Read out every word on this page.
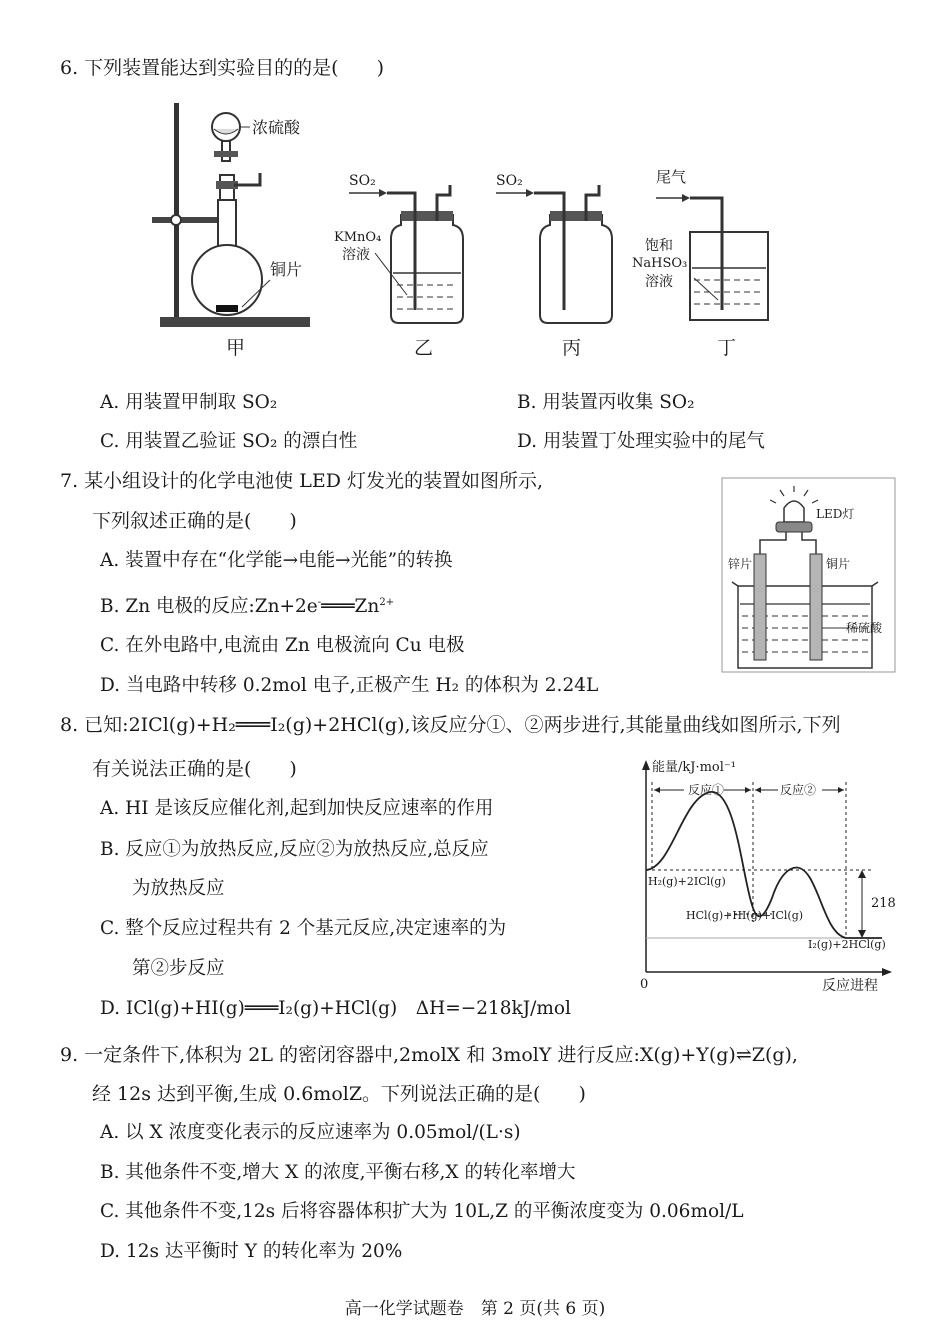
6. 下列装置能达到实验目的的是(　　)
浓硫酸
铜片
甲
SO₂
KMnO₄
溶液
乙
SO₂
丙
尾气
饱和
NaHSO₃
溶液
丁
A. 用装置甲制取 SO₂	B. 用装置丙收集 SO₂
C. 用装置乙验证 SO₂ 的漂白性	D. 用装置丁处理实验中的尾气
7. 某小组设计的化学电池使 LED 灯发光的装置如图所示,
下列叙述正确的是(　　)
A. 装置中存在“化学能→电能→光能”的转换
B. Zn 电极的反应$:Zn+2e^-═══Zn^{2+}$
C. 在外电路中,电流由 Zn 电极流向 Cu 电极
D. 当电路中转移 0.2mol 电子,正极产生 H₂ 的体积为 2.24L
LED灯
锌片	铜片
稀硫酸
8. 已知:2ICl(g)+H₂═══I₂(g)+2HCl(g),该反应分①、②两步进行,其能量曲线如图所示,下列
有关说法正确的是(　　)
A. HI 是该反应催化剂,起到加快反应速率的作用
B. 反应①为放热反应,反应②为放热反应,总反应
为放热反应
C. 整个反应过程共有 2 个基元反应,决定速率的为
第②步反应
D. ICl(g)+HI(g)═══I₂(g)+HCl(g)　ΔH=−218kJ/mol
218
能量/kJ·mol⁻¹
反应进程
0
反应①	反应②
H₂(g)+2ICl(g)
HCl(g)+HI(g)+ICl(g)
I₂(g)+2HCl(g)
9. 一定条件下,体积为 2L 的密闭容器中,2molX 和 3molY 进行反应:X(g)+Y(g)⇌Z(g),
经 12s 达到平衡,生成 0.6molZ。下列说法正确的是(　　)
A. 以 X 浓度变化表示的反应速率为 0.05mol/(L·s)
B. 其他条件不变,增大 X 的浓度,平衡右移,X 的转化率增大
C. 其他条件不变,12s 后将容器体积扩大为 10L,Z 的平衡浓度变为 0.06mol/L
D. 12s 达平衡时 Y 的转化率为 20%
高一化学试题卷　第 2 页(共 6 页)
